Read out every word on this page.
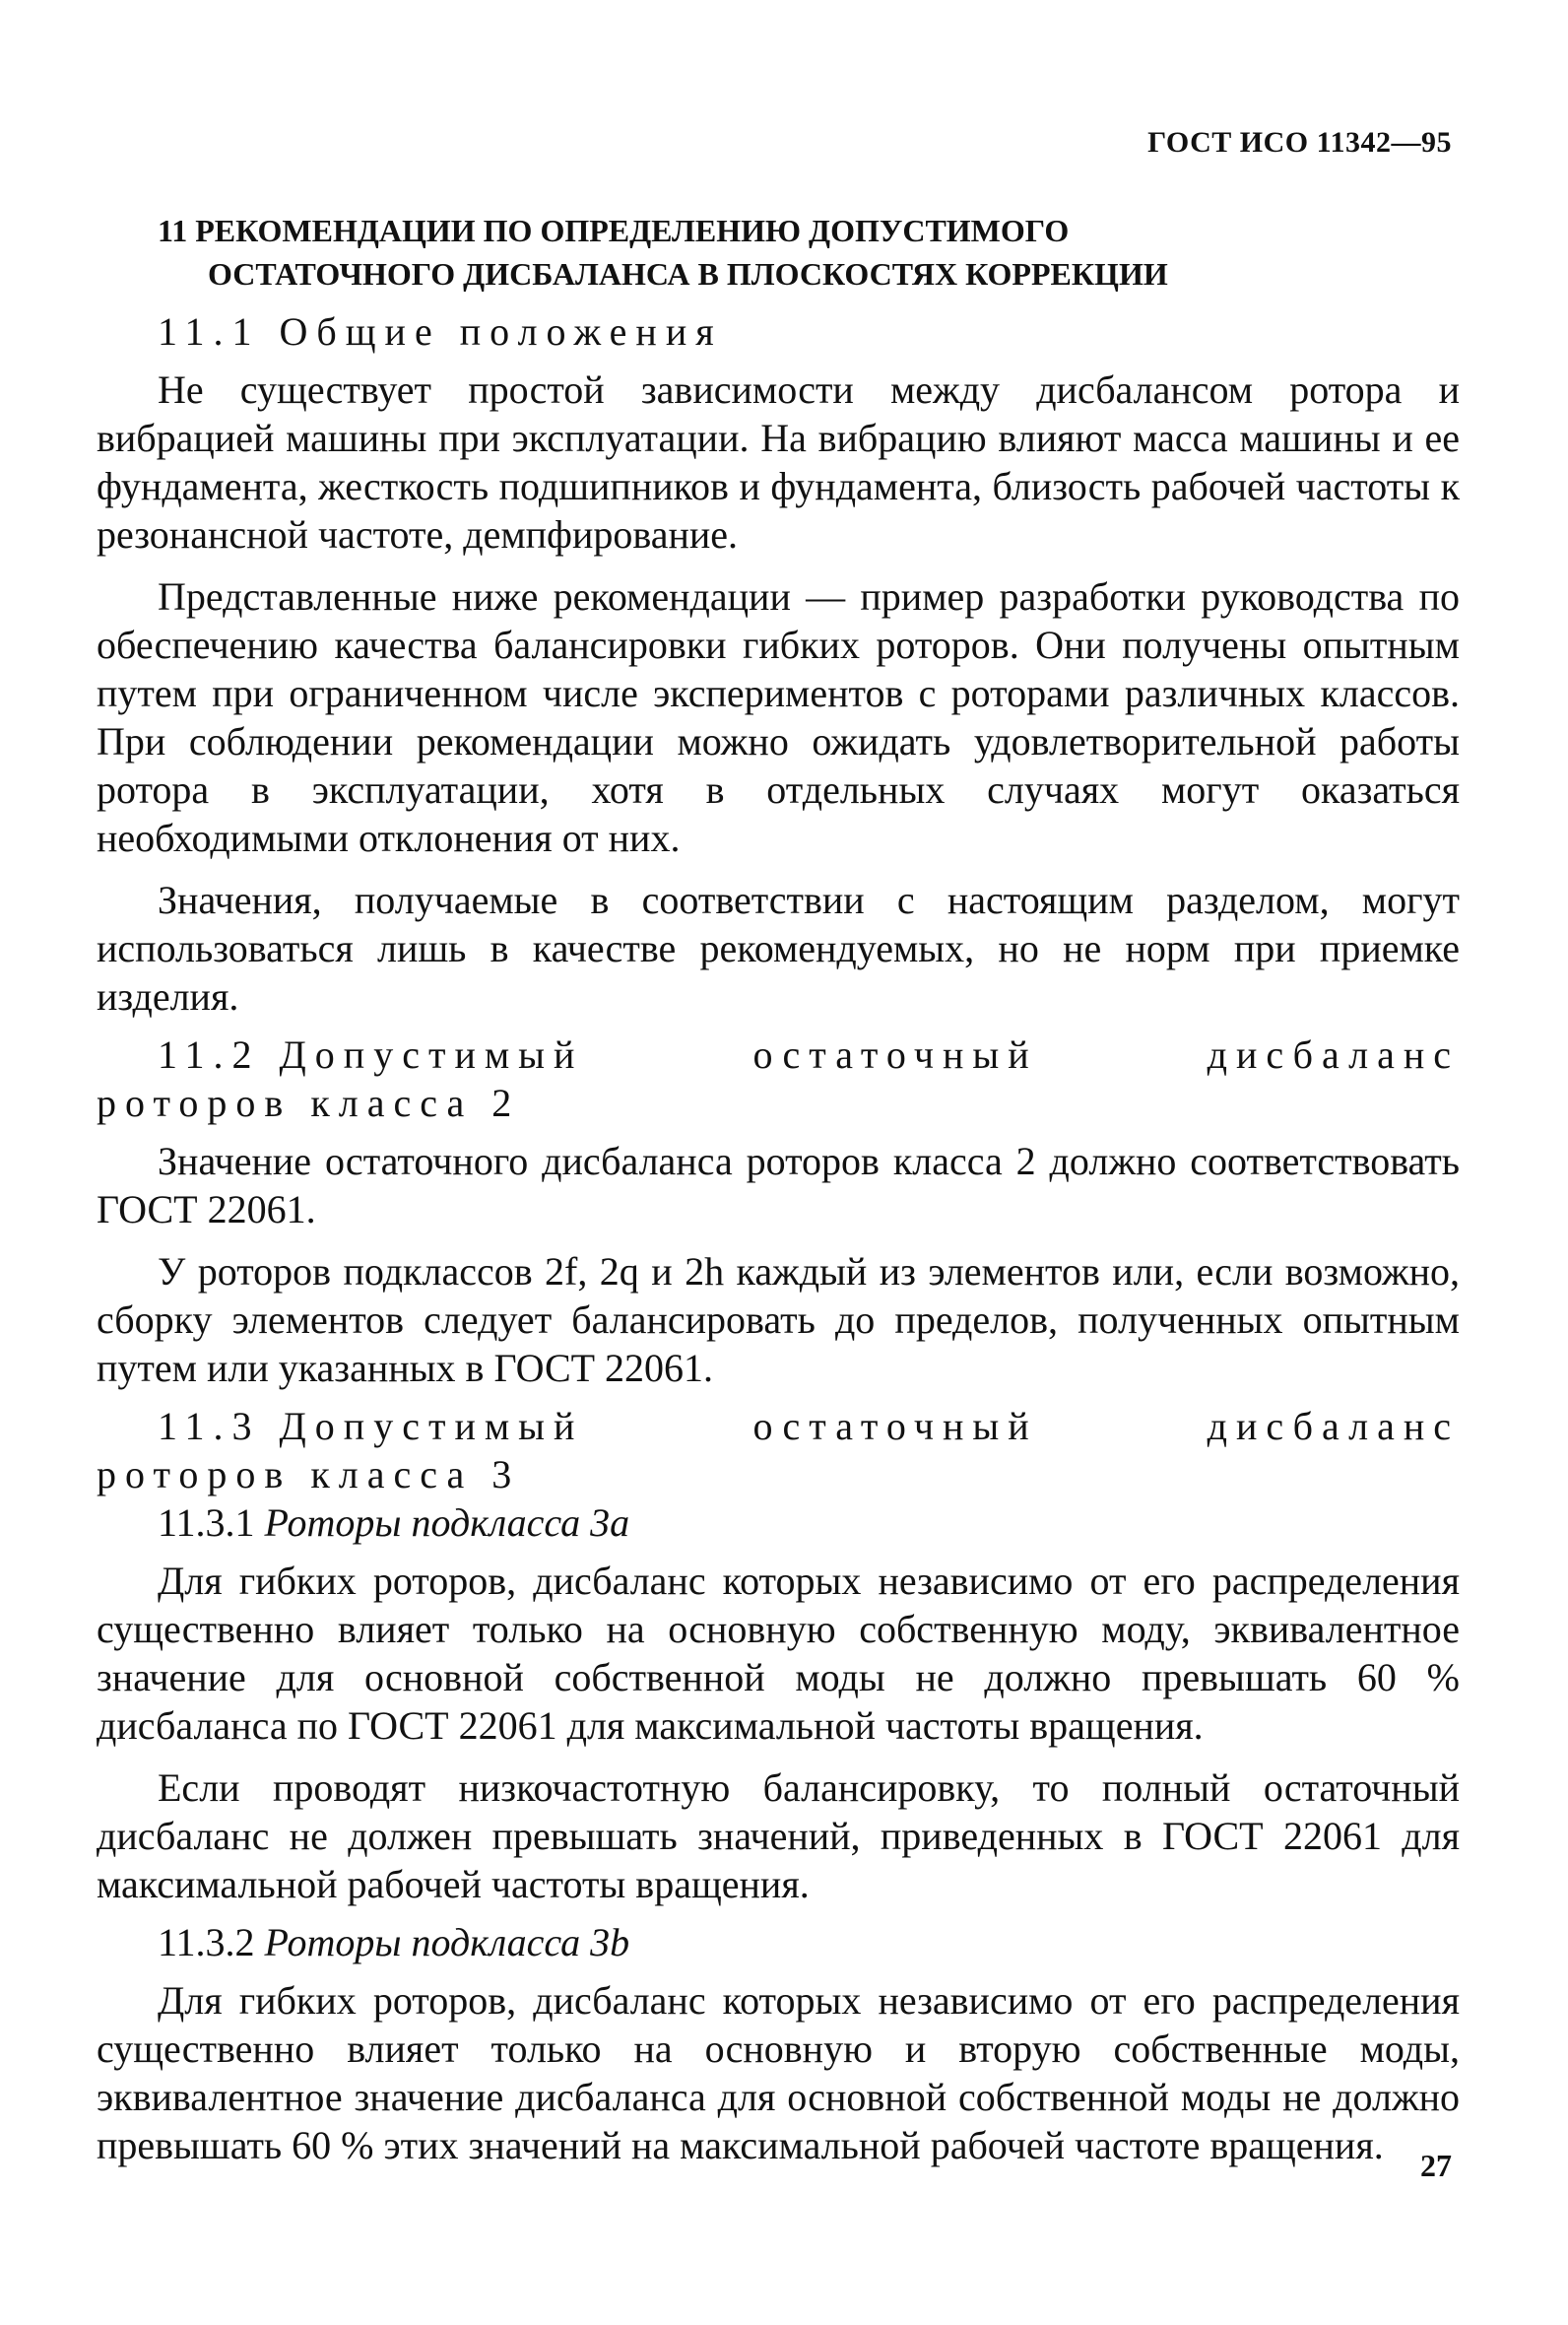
ГОСТ ИСО 11342—95
11 РЕКОМЕНДАЦИИ ПО ОПРЕДЕЛЕНИЮ ДОПУСТИМОГО
ОСТАТОЧНОГО ДИСБАЛАНСА В ПЛОСКОСТЯХ КОРРЕКЦИИ
11.1 Общие положения

Не существует простой зависимости между дисбалансом ротора и вибрацией машины при эксплуатации. На вибрацию влияют масса машины и ее фундамента, жесткость подшипников и фундамента, близость рабочей частоты к резонансной частоте, демпфирование.

Представленные ниже рекомендации — пример разработки руководства по обеспечению качества балансировки гибких роторов. Они получены опытным путем при ограниченном числе экспериментов с роторами различных классов. При соблюдении рекомендации можно ожидать удовлетворительной работы ротора в эксплуатации, хотя в отдельных случаях могут оказаться необходимыми отклонения от них.

Значения, получаемые в соответствии с настоящим разделом, могут использоваться лишь в качестве рекомендуемых, но не норм при приемке изделия.

11.2 Допустимый	остаточный	дисбаланс
роторов класса 2

Значение остаточного дисбаланса роторов класса 2 должно соответствовать ГОСТ 22061.

У роторов подклассов 2f, 2q и 2h каждый из элементов или, если возможно, сборку элементов следует балансировать до пределов, полученных опытным путем или указанных в ГОСТ 22061.

11.3 Допустимый	остаточный	дисбаланс
роторов класса 3
11.3.1 Роторы подкласса 3а

Для гибких роторов, дисбаланс которых независимо от его распределения существенно влияет только на основную собственную моду, эквивалентное значение для основной собственной моды не должно превышать 60 % дисбаланса по ГОСТ 22061 для максимальной частоты вращения.

Если проводят низкочастотную балансировку, то полный остаточный дисбаланс не должен превышать значений, приведенных в ГОСТ 22061 для максимальной рабочей частоты вращения.

11.3.2 Роторы подкласса 3b

Для гибких роторов, дисбаланс которых независимо от его распределения существенно влияет только на основную и вторую собственные моды, эквивалентное значение дисбаланса для основной собственной моды не должно превышать 60 % этих значений на максимальной рабочей частоте вращения.	27
